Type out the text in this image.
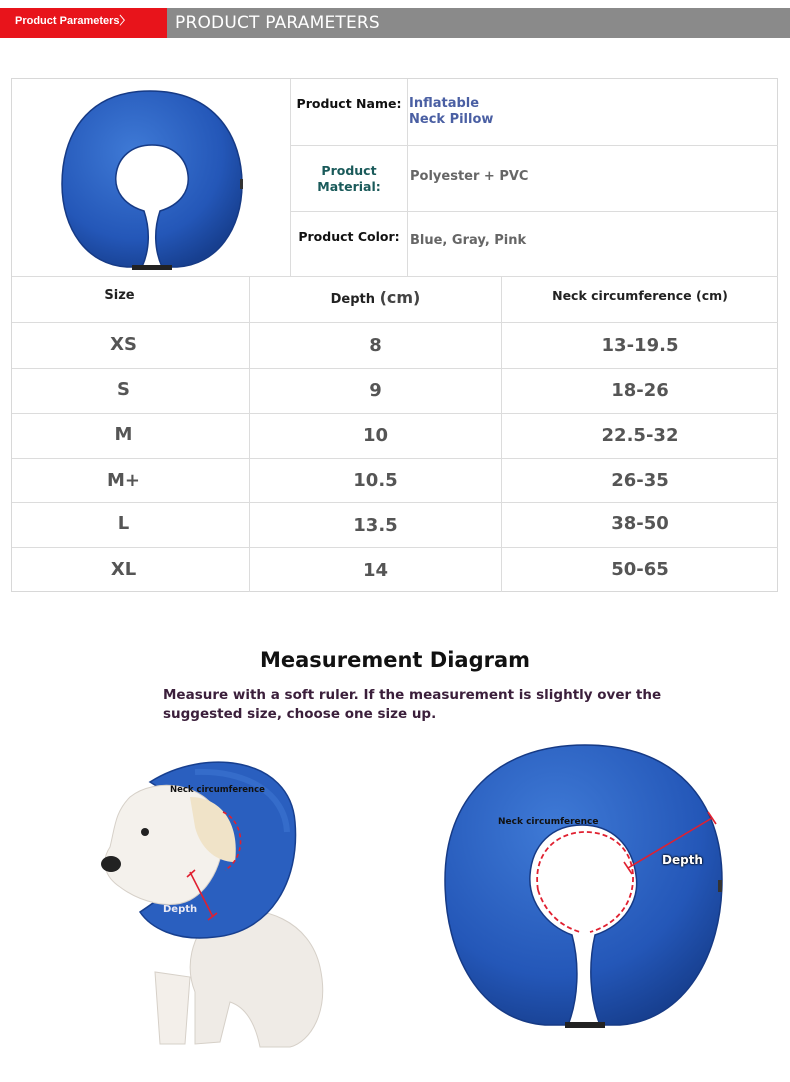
Product Parameters〉	PRODUCT PARAMETERS
Product Name: Inflatable Neck Pillow
Product Material:
Polyester + PVC
Product Color: Blue, Gray, Pink
Size	Depth (cm)	Neck circumference (cm)
XS	8	13-19.5
S	9	18-26
M	10	22.5-32
M+	10.5	26-35
L	13.5	38-50
XL	14	50-65
Measurement Diagram
Measure with a soft ruler. If the measurement is slightly over the
suggested size, choose one size up.
Neck circumference
Depth
Neck circumference
Depth
